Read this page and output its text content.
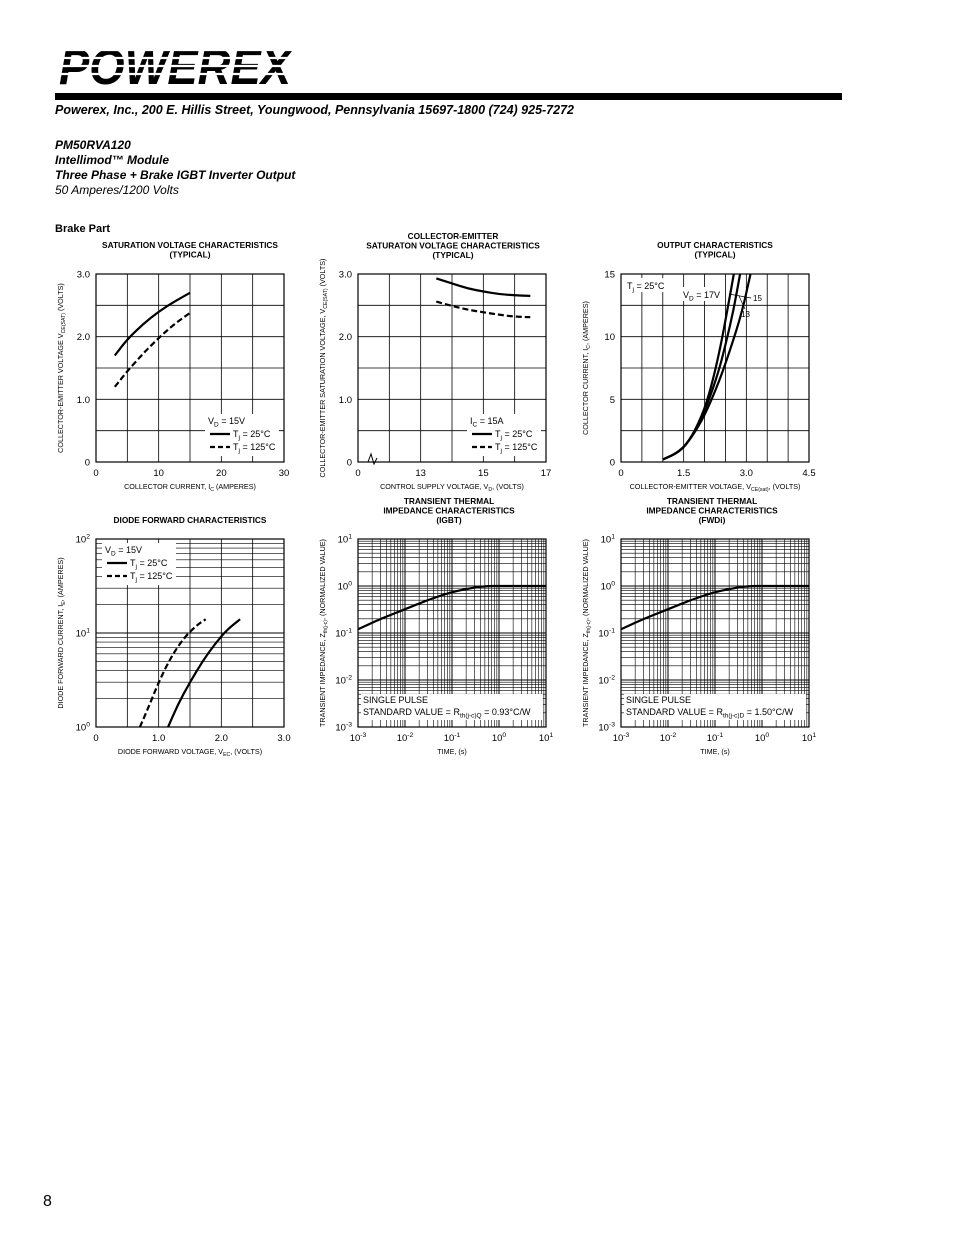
POWEREX
Powerex, Inc., 200 E. Hillis Street, Youngwood, Pennsylvania 15697-1800 (724) 925-7272
PM50RVA120
Intellimod™ Module
Three Phase + Brake IGBT Inverter Output
50 Amperes/1200 Volts
Brake Part
8
SATURATION VOLTAGE CHARACTERISTICS
(TYPICAL)
0	10	20	30
0
1.0
2.0
3.0
COLLECTOR CURRENT, $I_C$ (AMPERES)
COLLECTOR-EMITTER VOLTAGE $V_{CE(SAT)}$ (VOLTS)
$V_D = 15V$
$T_j = 25^\circ C$
$T_j = 125^\circ C$
COLLECTOR-EMITTER
SATURATON VOLTAGE CHARACTERISTICS
(TYPICAL)
0	13	15	17
0
1.0
2.0
3.0
CONTROL SUPPLY VOLTAGE, $V_D$, (VOLTS)
COLLECTOR-EMITTER SATURATION VOLTAGE, $V_{CE(SAT)}$ (VOLTS)
$I_C = 15A$
$T_j = 25^\circ C$
$T_j = 125^\circ C$
OUTPUT CHARACTERISTICS
(TYPICAL)
0	1.5	3.0	4.5
0
5
10
15
COLLECTOR-EMITTER VOLTAGE, $V_{CE(sat)}$, (VOLTS)
COLLECTOR CURRENT, $I_C$, (AMPERES)
$T_j = 25^\circ C$
$V_D = 17V$	15
13
DIODE FORWARD CHARACTERISTICS
0	1.0	2.0	3.0
$10^0$
$10^1$
$10^2$
DIODE FORWARD VOLTAGE, $V_{EC}$, (VOLTS)
DIODE FORWARD CURRENT, $I_E$, (AMPERES)
$V_D = 15V$
$T_j = 25^\circ C$
$T_j = 125^\circ C$
TRANSIENT THERMAL
IMPEDANCE CHARACTERISTICS
(IGBT)
$10^{-3}$	$10^{-2}$	$10^{-1}$	$10^0$	$10^1$
$10^{-3}$
$10^{-2}$
$10^{-1}$
$10^0$
$10^1$
TIME, (s)
TRANSIENT IMPEDANCE, $Z_{th(j-c)}$, (NORMALIZED VALUE)
SINGLE PULSE
STANDARD VALUE = $R_{th(j-c)Q} = 0.93^\circ C/W$
TRANSIENT THERMAL
IMPEDANCE CHARACTERISTICS
(FWDi)
$10^{-3}$	$10^{-2}$	$10^{-1}$	$10^0$	$10^1$
$10^{-3}$
$10^{-2}$
$10^{-1}$
$10^0$
$10^1$
TIME, (s)
TRANSIENT IMPEDANCE, $Z_{th(j-c)}$, (NORMALIZED VALUE)
SINGLE PULSE
STANDARD VALUE = $R_{th(j-c)D} = 1.50^\circ C/W$
